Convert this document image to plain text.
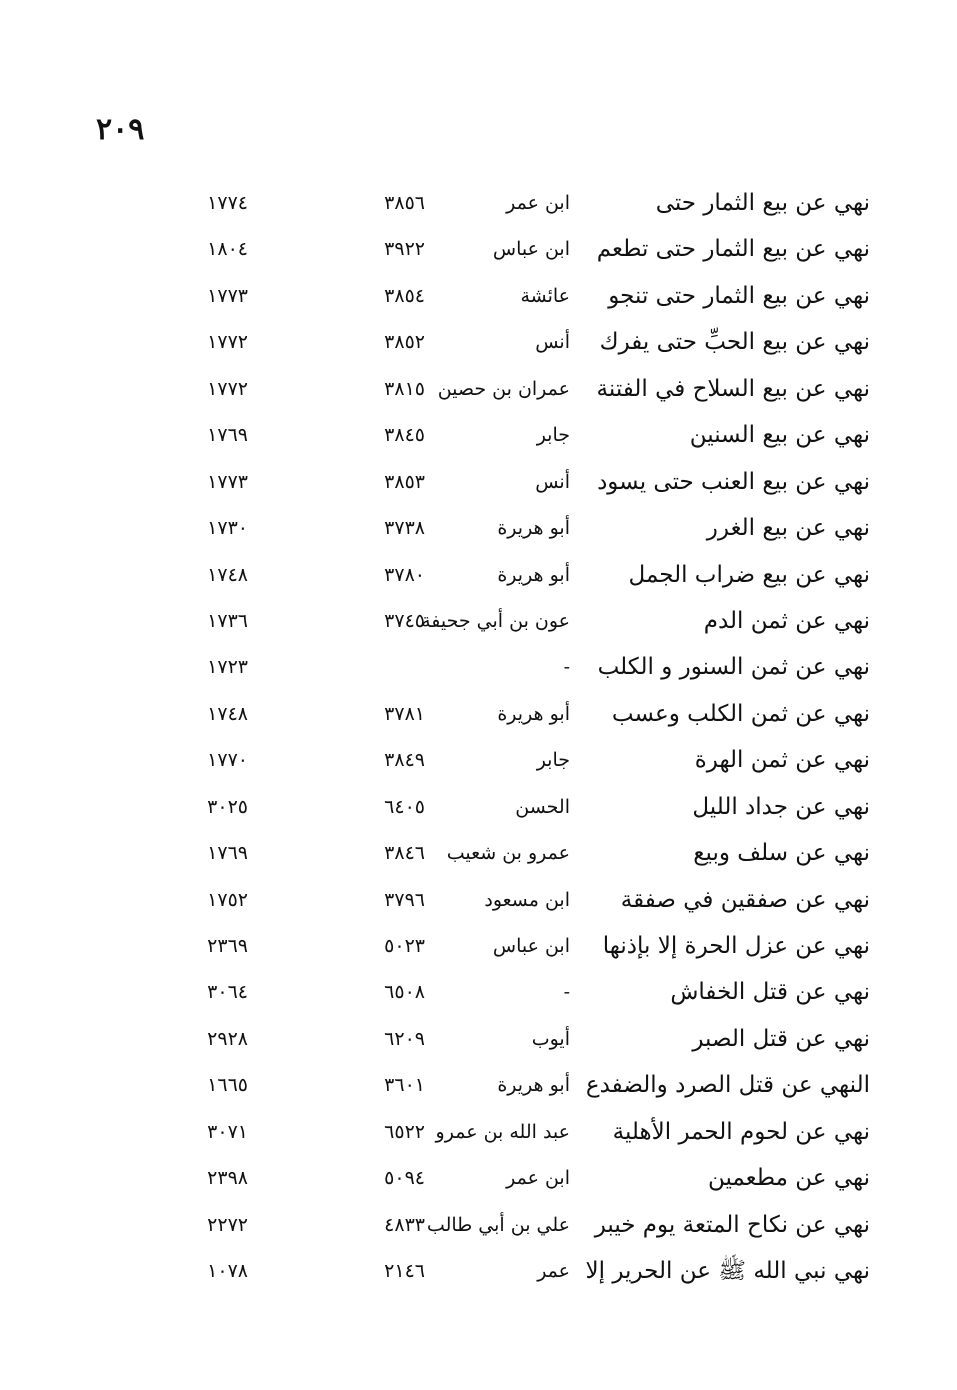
٢٠٩
نهي عن بيع الثمار حتى
ابن عمر
٣٨٥٦
١٧٧٤
نهي عن بيع الثمار حتى تطعم
ابن عباس
٣٩٢٢
١٨٠٤
نهي عن بيع الثمار حتى تنجو
عائشة
٣٨٥٤
١٧٧٣
نهي عن بيع الحبِّ حتى يفرك
أنس
٣٨٥٢
١٧٧٢
نهي عن بيع السلاح في الفتنة
عمران بن حصين
٣٨١٥
١٧٧٢
نهي عن بيع السنين
جابر
٣٨٤٥
١٧٦٩
نهي عن بيع العنب حتى يسود
أنس
٣٨٥٣
١٧٧٣
نهي عن بيع الغرر
أبو هريرة
٣٧٣٨
١٧٣٠
نهي عن بيع ضراب الجمل
أبو هريرة
٣٧٨٠
١٧٤٨
نهي عن ثمن الدم
عون بن أبي جحيفة
٣٧٤٥
١٧٣٦
نهي عن ثمن السنور و الكلب
-
١٧٢٣
نهي عن ثمن الكلب وعسب
أبو هريرة
٣٧٨١
١٧٤٨
نهي عن ثمن الهرة
جابر
٣٨٤٩
١٧٧٠
نهي عن جداد الليل
الحسن
٦٤٠٥
٣٠٢٥
نهي عن سلف وبيع
عمرو بن شعيب
٣٨٤٦
١٧٦٩
نهي عن صفقين في صفقة
ابن مسعود
٣٧٩٦
١٧٥٢
نهي عن عزل الحرة إلا بإذنها
ابن عباس
٥٠٢٣
٢٣٦٩
نهي عن قتل الخفاش
-
٦٥٠٨
٣٠٦٤
نهي عن قتل الصبر
أيوب
٦٢٠٩
٢٩٢٨
النهي عن قتل الصرد والضفدع
أبو هريرة
٣٦٠١
١٦٦٥
نهي عن لحوم الحمر الأهلية
عبد الله بن عمرو
٦٥٢٢
٣٠٧١
نهي عن مطعمين
ابن عمر
٥٠٩٤
٢٣٩٨
نهي عن نكاح المتعة يوم خيبر
علي بن أبي طالب
٤٨٣٣
٢٢٧٢
نهي نبي الله ﷺ عن الحرير إلا
عمر
٢١٤٦
١٠٧٨
